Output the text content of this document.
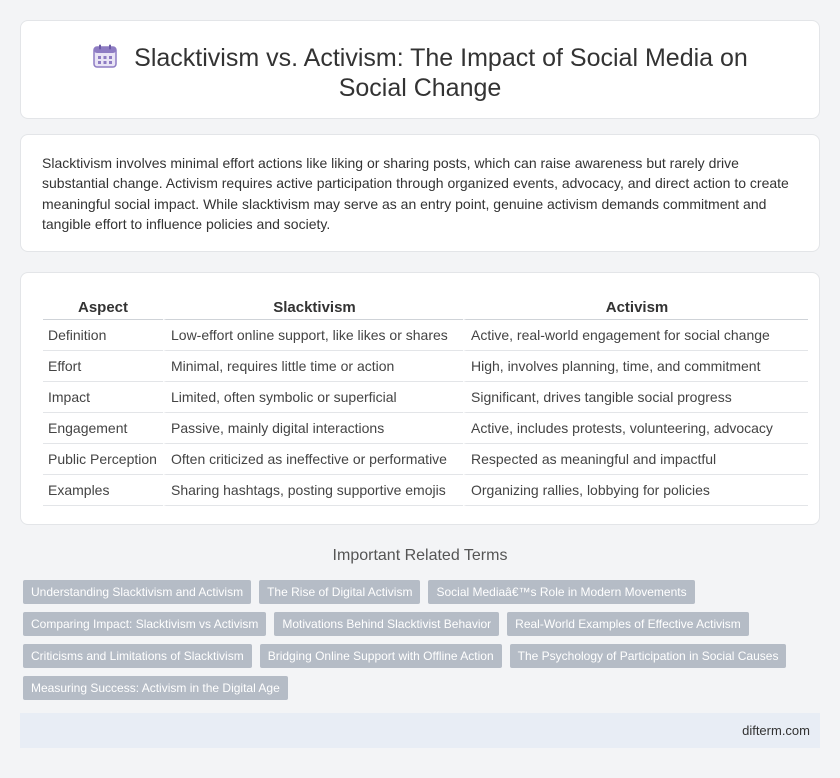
Slacktivism vs. Activism: The Impact of Social Media on Social Change

Slacktivism involves minimal effort actions like liking or sharing posts, which can raise awareness but rarely drive substantial change. Activism requires active participation through organized events, advocacy, and direct action to create meaningful social impact. While slacktivism may serve as an entry point, genuine activism demands commitment and tangible effort to influence policies and society.

Aspect	Slacktivism	Activism
Definition	Low-effort online support, like likes or shares	Active, real-world engagement for social change
Effort	Minimal, requires little time or action	High, involves planning, time, and commitment
Impact	Limited, often symbolic or superficial	Significant, drives tangible social progress
Engagement	Passive, mainly digital interactions	Active, includes protests, volunteering, advocacy
Public Perception	Often criticized as ineffective or performative	Respected as meaningful and impactful
Examples	Sharing hashtags, posting supportive emojis	Organizing rallies, lobbying for policies
Important Related Terms
Understanding Slacktivism and Activism	The Rise of Digital Activism	Social Mediaâ€™s Role in Modern Movements
Comparing Impact: Slacktivism vs Activism	Motivations Behind Slacktivist Behavior	Real-World Examples of Effective Activism
Criticisms and Limitations of Slacktivism	Bridging Online Support with Offline Action	The Psychology of Participation in Social Causes
Measuring Success: Activism in the Digital Age
difterm.com
